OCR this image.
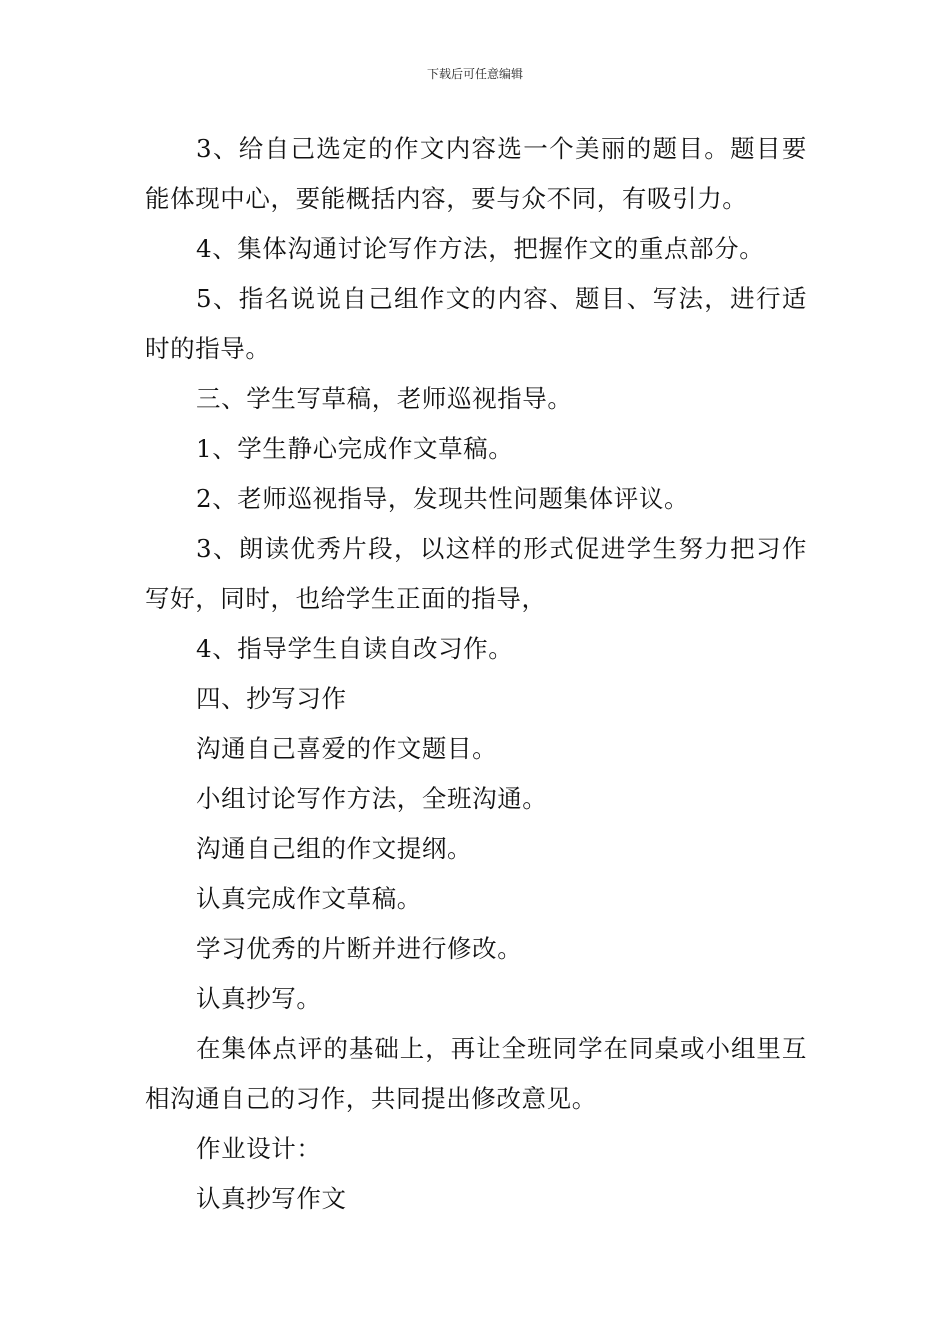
下载后可任意编辑

3、给自己选定的作文内容选一个美丽的题目。题目要能体现中心，要能概括内容，要与众不同，有吸引力。

4、集体沟通讨论写作方法，把握作文的重点部分。

5、指名说说自己组作文的内容、题目、写法，进行适时的指导。

三、学生写草稿，老师巡视指导。

1、学生静心完成作文草稿。

2、老师巡视指导，发现共性问题集体评议。

3、朗读优秀片段，以这样的形式促进学生努力把习作写好，同时，也给学生正面的指导，

4、指导学生自读自改习作。

四、抄写习作

沟通自己喜爱的作文题目。

小组讨论写作方法，全班沟通。

沟通自己组的作文提纲。

认真完成作文草稿。

学习优秀的片断并进行修改。

认真抄写。

在集体点评的基础上，再让全班同学在同桌或小组里互相沟通自己的习作，共同提出修改意见。

作业设计：

认真抄写作文
